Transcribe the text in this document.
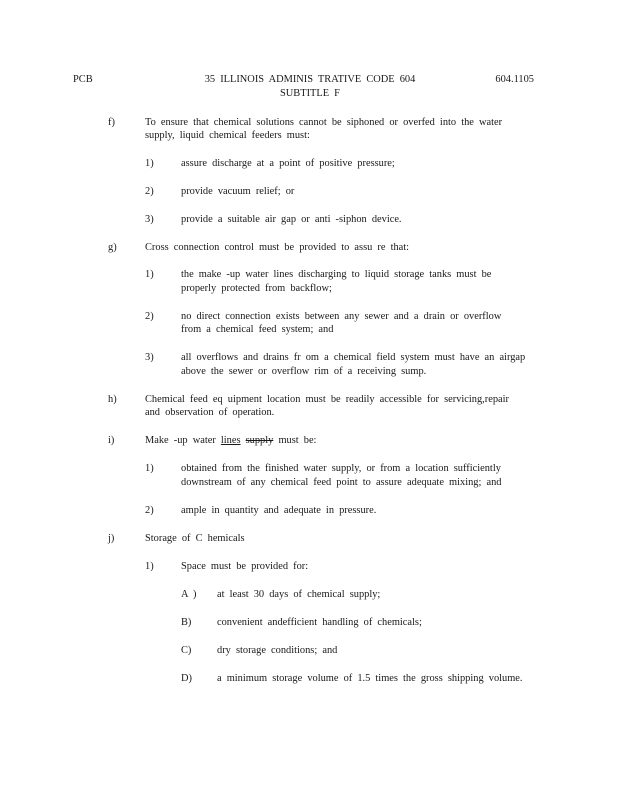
PCB	35 ILLINOIS ADMINIS TRATIVE CODE 604
SUBTITLE F
604.1105
f)	To ensure that chemical solutions cannot be siphoned or overfed into the water
supply, liquid chemical feeders must:
1)	assure discharge at a point of positive pressure;
2)	provide vacuum relief; or
3)	provide a suitable air gap or anti -siphon device.
g)	Cross connection control must be provided to assu re that:
1)	the make -up water lines discharging to liquid storage tanks must be
properly protected from backflow;
2)	no direct connection exists between any sewer and a drain or overflow
from a chemical feed system; and
3)	all overflows and drains fr om a chemical field system must have an airgap
above the sewer or overflow rim of a receiving sump.
h)	Chemical feed eq uipment location must be readily accessible for servicing,repair
and observation of operation.
i)	Make -up water lines supply must be:
1)	obtained from the finished water supply, or from a location sufficiently
downstream of any chemical feed point to assure adequate mixing; and
2)	ample in quantity and adequate in pressure.
j)	Storage of C hemicals
1)	Space must be provided for:
A ) at least 30 days of chemical supply;
B) convenient andefficient handling of chemicals;
C) dry storage conditions; and
D) a minimum storage volume of 1.5 times the gross shipping volume.
